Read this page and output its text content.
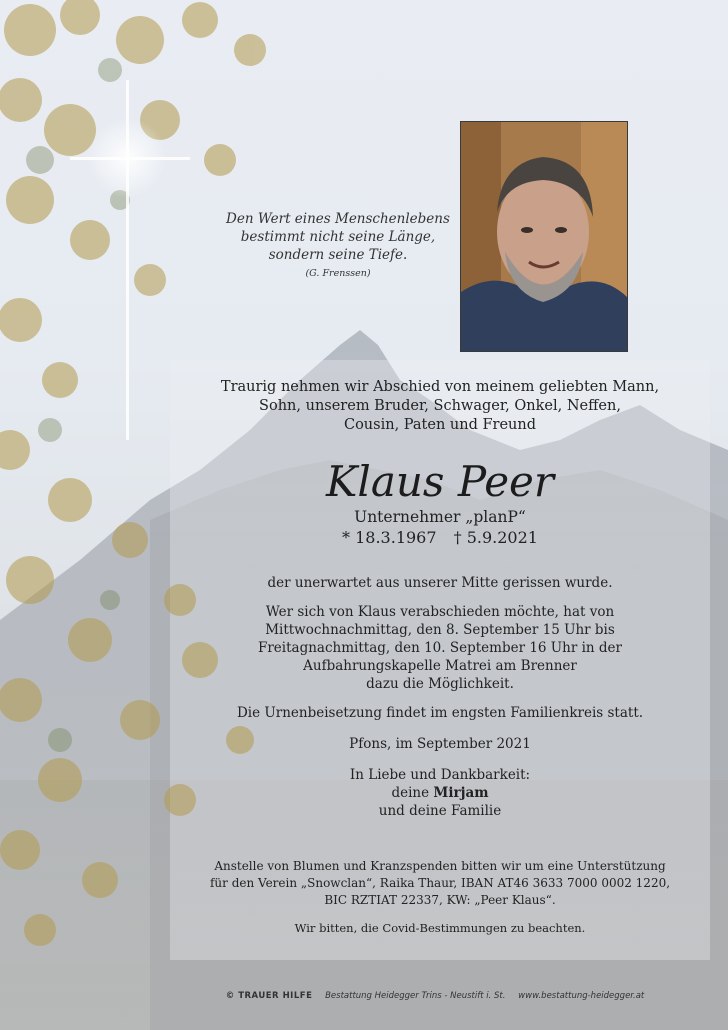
Den Wert eines Menschenlebens
bestimmt nicht seine Länge,
sondern seine Tiefe.
(G. Frenssen)
Traurig nehmen wir Abschied von meinem geliebten Mann,
Sohn, unserem Bruder, Schwager, Onkel, Neffen,
Cousin, Paten und Freund
Klaus Peer
Unternehmer „planP“
* 18.3.1967 † 5.9.2021
der unerwartet aus unserer Mitte gerissen wurde.
Wer sich von Klaus verabschieden möchte, hat von
Mittwochnachmittag, den 8. September 15 Uhr bis
Freitagnachmittag, den 10. September 16 Uhr in der
Aufbahrungskapelle Matrei am Brenner
dazu die Möglichkeit.
Die Urnenbeisetzung findet im engsten Familienkreis statt.
Pfons, im September 2021
In Liebe und Dankbarkeit:
deine Mirjam
und deine Familie
Anstelle von Blumen und Kranzspenden bitten wir um eine Unterstützung
für den Verein „Snowclan“, Raika Thaur, IBAN AT46 3633 7000 0002 1220,
BIC RZTIAT 22337, KW: „Peer Klaus“.
Wir bitten, die Covid-Bestimmungen zu beachten.
© TRAUER HILFE Bestattung Heidegger Trins - Neustift i. St. www.bestattung-heidegger.at
